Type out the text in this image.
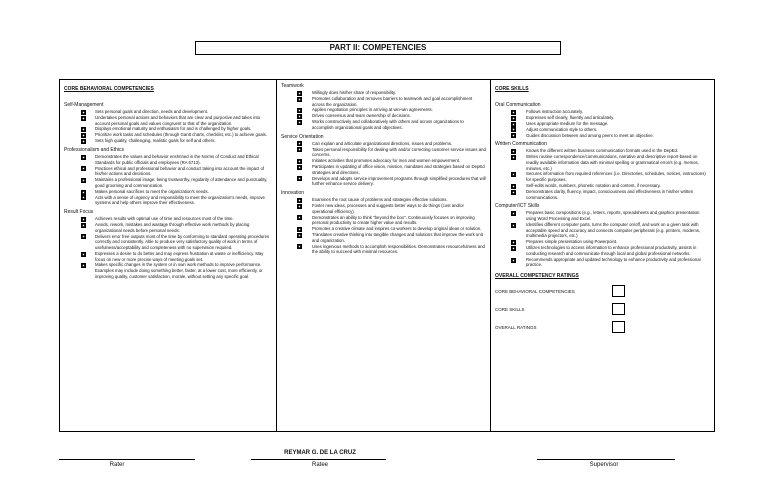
PART II: COMPETENCIES
CORE BEHAVIORAL COMPETENCIES
Self-Management
Sets personal goals and direction, needs and development.
Undertakes personal actions and behaviors that are clear and purposive and takes into account personal goals and values congruent to that of the organization.
Displays emotional maturity and enthusiasm for and is challenged by higher goals.
Prioritize work tasks and schedules (through Gantt charts, checklist, etc.) to achieve goals.
Sets high quality, challenging, realistic goals for self and others.
Professionalism and Ethics
Demonstrates the values and behavior enshrined in the Norms of Conduct and Ethical Standards for public officials and employees (RA 6713).
Practices ethical and professional behavior and conduct taking into account the impact of his/her actions and decisions.
Maintains a professional image: being trustworthy, regularity of attendance and punctuality, good grooming and communication.
Makes personal sacrifices to meet the organization's needs.
Acts with a sense of urgency and responsibility to meet the organization's needs, improve systems and help others improve their effectiveness.
Result Focus
Achieves results with optimal use of time and resources most of the time.
Avoids, rework, mistakes and wastage through effective work methods by placing organizational needs before personal needs.
Delivers error free outputs most of the time by conforming to standard operating procedures correctly and consistently. Able to produce very satisfactory quality of work in terms of usefulness/acceptability and completeness with no supervision required.
Expresses a desire to do better and may express frustration at waste or inefficiency. May focus on new or more precise ways of meeting goals set.
Makes specific changes in the system or in own work methods to improve performance. Examples may include doing something better, faster, at a lower cost, more efficiently, or improving quality, customer satisfaction, morale, without setting any specific goal.
Teamwork
Willingly does his/her share of responsibility.
Promotes collaboration and removes barriers to teamwork and goal accomplishment across the organization.
Applies negotiation principles in arriving at win-win agreements.
Drives consensus and team ownership of decisions.
Works constructively and collaboratively with others and across organizations to accomplish organizational goals and objectives.
Service Orientation
Can explain and articulate organizational directions, issues and problems.
Takes personal responsibility for dealing with and/or correcting customer service issues and concerns.
Initiates activities that promotes advocacy for men and women empowerment.
Participates in updating of office vision, mission, mandates and strategies based on DepEd strategies and directions.
Develops and adopts service improvement programs through simplified procedures that will further enhance service delivery.
Innovation
Examines the root cause of problems and strategies effective solutions.
Foster new ideas, processes and suggests better ways to do things (cost and/or operational efficiency).
Demonstrates an ability to think "beyond the box". Continuously focuses on improving personal productivity to create higher value and results.
Promotes a creative climate and inspires co-workers to develop original ideas or solution.
Translates creative thinking into tangible changes and solutions that improve the work unit and organization.
Uses ingenious methods to accomplish responsibilities. Demonstrates resourcefulness and the ability to succeed with minimal resources.
CORE SKILLS
Oral Communication
Follows instruction accurately.
Expresses self clearly, fluently and articulately.
Uses appropriate medium for the message.
Adjust communication style to others.
Guides discussion between and among peers to meet an objective.
Written Communication
Knows the different written business communication formats used in the DepEd.
Writes routine correspondence/communications, narrative and descriptive report-based on readily available information data with minimal spelling or grammatical error/s (e.g. memos, minutes, etc.)
Secures information from required references (i.e. Directories, schedules, notices, instructions) for specific purposes.
Self-edits words, numbers, phonetic notation and content, if necessary.
Demonstrates clarity, fluency, impact, consciousness and effectiveness in his/her written communications.
Computer/ICT Skills
Prepares basic compositions (e.g., letters, reports, spreadsheets and graphics presentation using Word Processing and Excel.
Identifies different computer parts, turns the computer on/off, and work on a given task with acceptable speed and accuracy and connects computer peripherals (e.g. printers, modems, multimedia projectors, etc.)
Prepares simple presentation using Powerpoint.
Utilizes technologies to access information to enhance professional productivity, assists in conducting research and communicate through local and global professional networks.
Recommends appropriate and updated technology to enhance productivity and professional practice.
OVERALL COMPETENCY RATINGS
CORE BEHAVIORAL COMPETENCIES
CORE SKILLS
OVERALL RATINGS
Rater
REYMAR G. DE LA CRUZ
Ratee	Supervisor
